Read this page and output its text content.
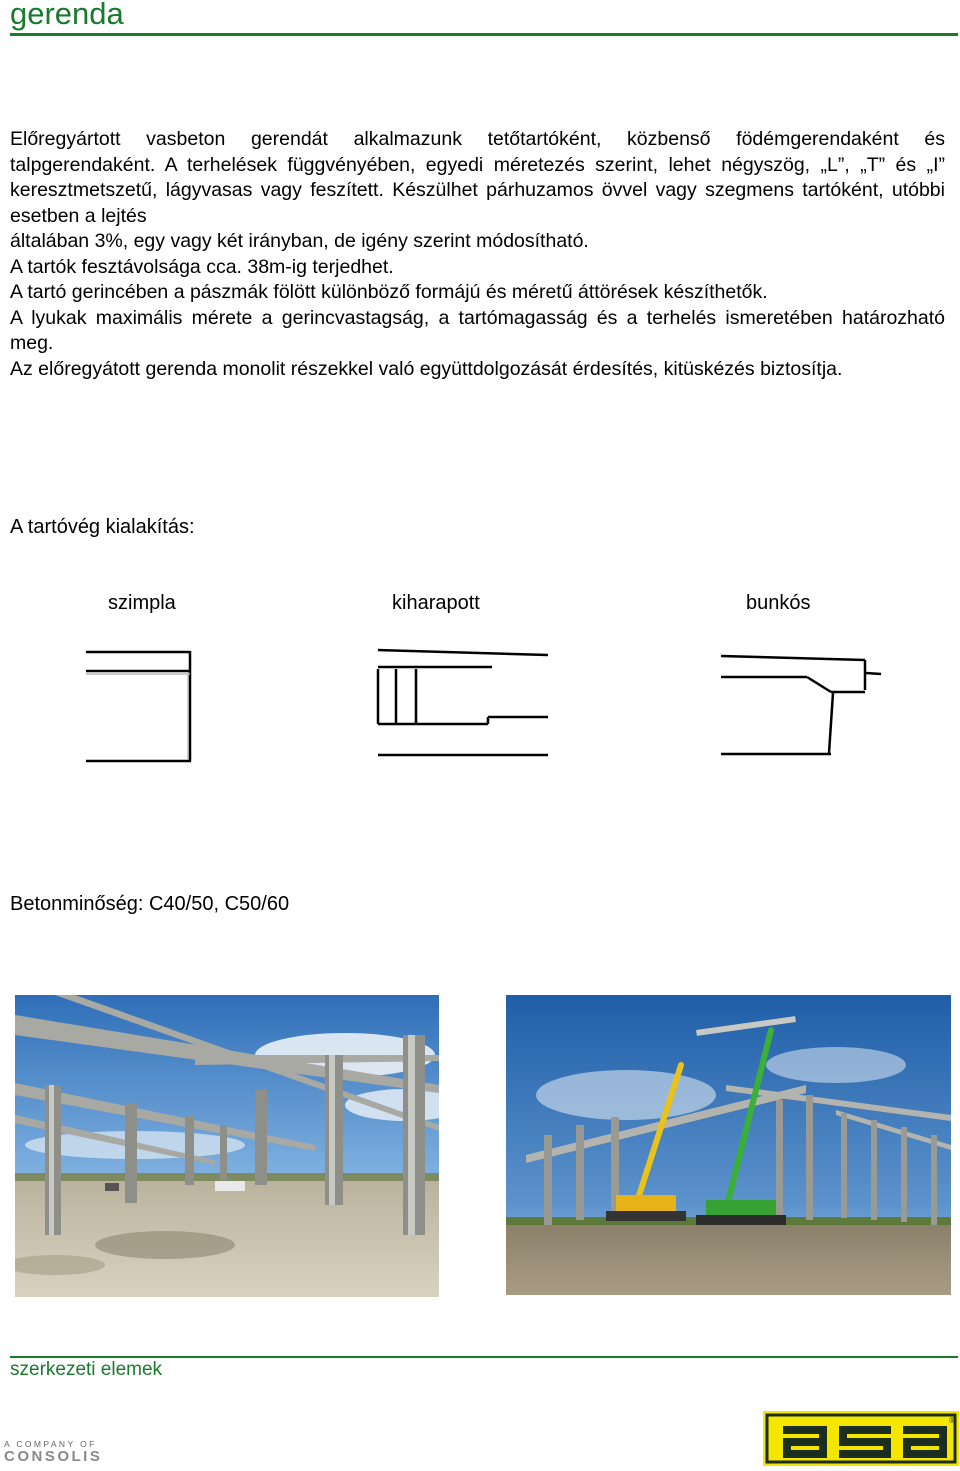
gerenda

Előregyártott vasbeton gerendát alkalmazunk tetőtartóként, közbenső födémgerendaként és talpgerendaként. A terhelések függvényében, egyedi méretezés szerint, lehet négyszög, „L”, „T” és „I” keresztmetszetű, lágyvasas vagy feszített. Készülhet párhuzamos övvel vagy szegmens tartóként, utóbbi esetben a lejtés

általában 3%, egy vagy két irányban, de igény szerint módosítható.

A tartók fesztávolsága cca. 38m-ig terjedhet.

A tartó gerincében a pászmák fölött különböző formájú és méretű áttörések készíthetők.

A lyukak maximális mérete a gerincvastagság, a tartómagasság és a terhelés ismeretében határozható meg.

Az előregyátott gerenda monolit részekkel való együttdolgozását érdesítés, kitüskézés biztosítja.

A tartóvég kialakítás:
szimpla	kiharapott	bunkós
Betonminőség: C40/50, C50/60
szerkezeti elemek
A COMPANY OF
CONSOLIS
®
